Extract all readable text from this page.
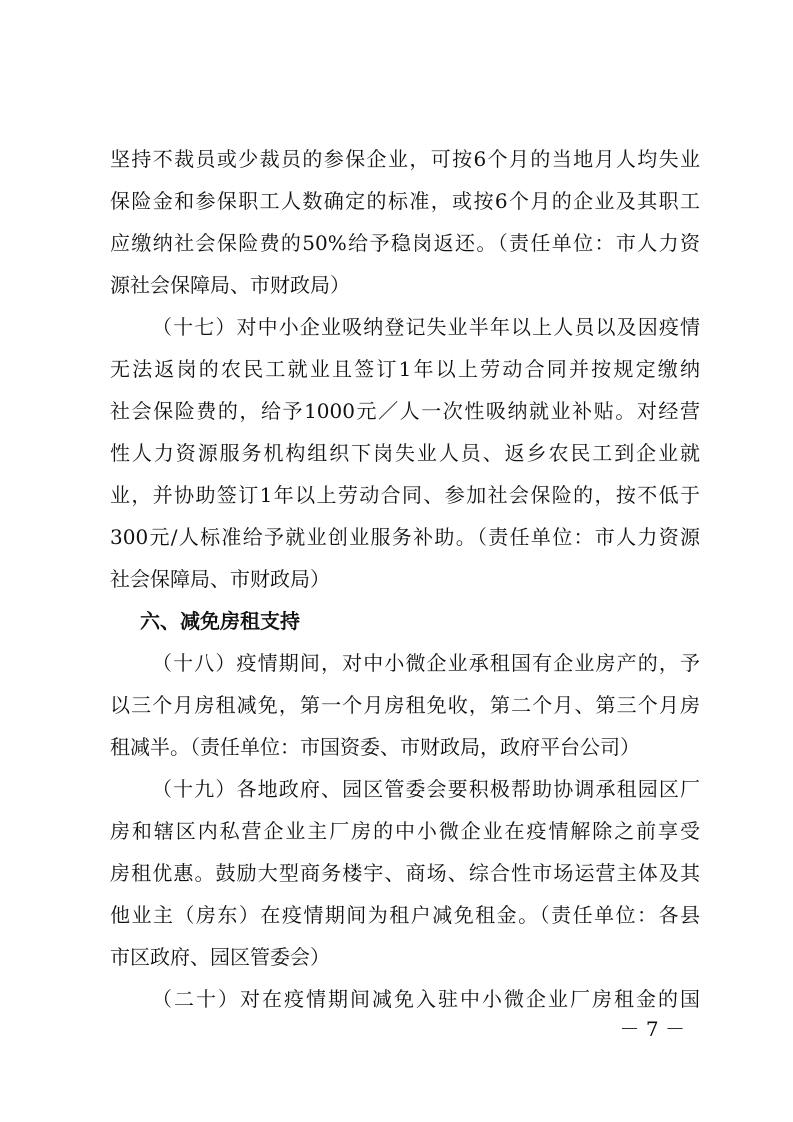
坚持不裁员或少裁员的参保企业，可按6个月的当地月人均失业
保险金和参保职工人数确定的标准，或按6个月的企业及其职工
应缴纳社会保险费的50%给予稳岗返还。（责任单位：市人力资
源社会保障局、市财政局）
（十七）对中小企业吸纳登记失业半年以上人员以及因疫情
无法返岗的农民工就业且签订1年以上劳动合同并按规定缴纳
社会保险费的，给予1000元／人一次性吸纳就业补贴。对经营
性人力资源服务机构组织下岗失业人员、返乡农民工到企业就
业，并协助签订1年以上劳动合同、参加社会保险的，按不低于
300元/人标准给予就业创业服务补助。（责任单位：市人力资源
社会保障局、市财政局）
六、减免房租支持
（十八）疫情期间，对中小微企业承租国有企业房产的，予
以三个月房租减免，第一个月房租免收，第二个月、第三个月房
租减半。（责任单位：市国资委、市财政局，政府平台公司）
（十九）各地政府、园区管委会要积极帮助协调承租园区厂
房和辖区内私营企业主厂房的中小微企业在疫情解除之前享受
房租优惠。鼓励大型商务楼宇、商场、综合性市场运营主体及其
他业主（房东）在疫情期间为租户减免租金。（责任单位：各县
市区政府、园区管委会）
（二十）对在疫情期间减免入驻中小微企业厂房租金的国
－ 7 －
